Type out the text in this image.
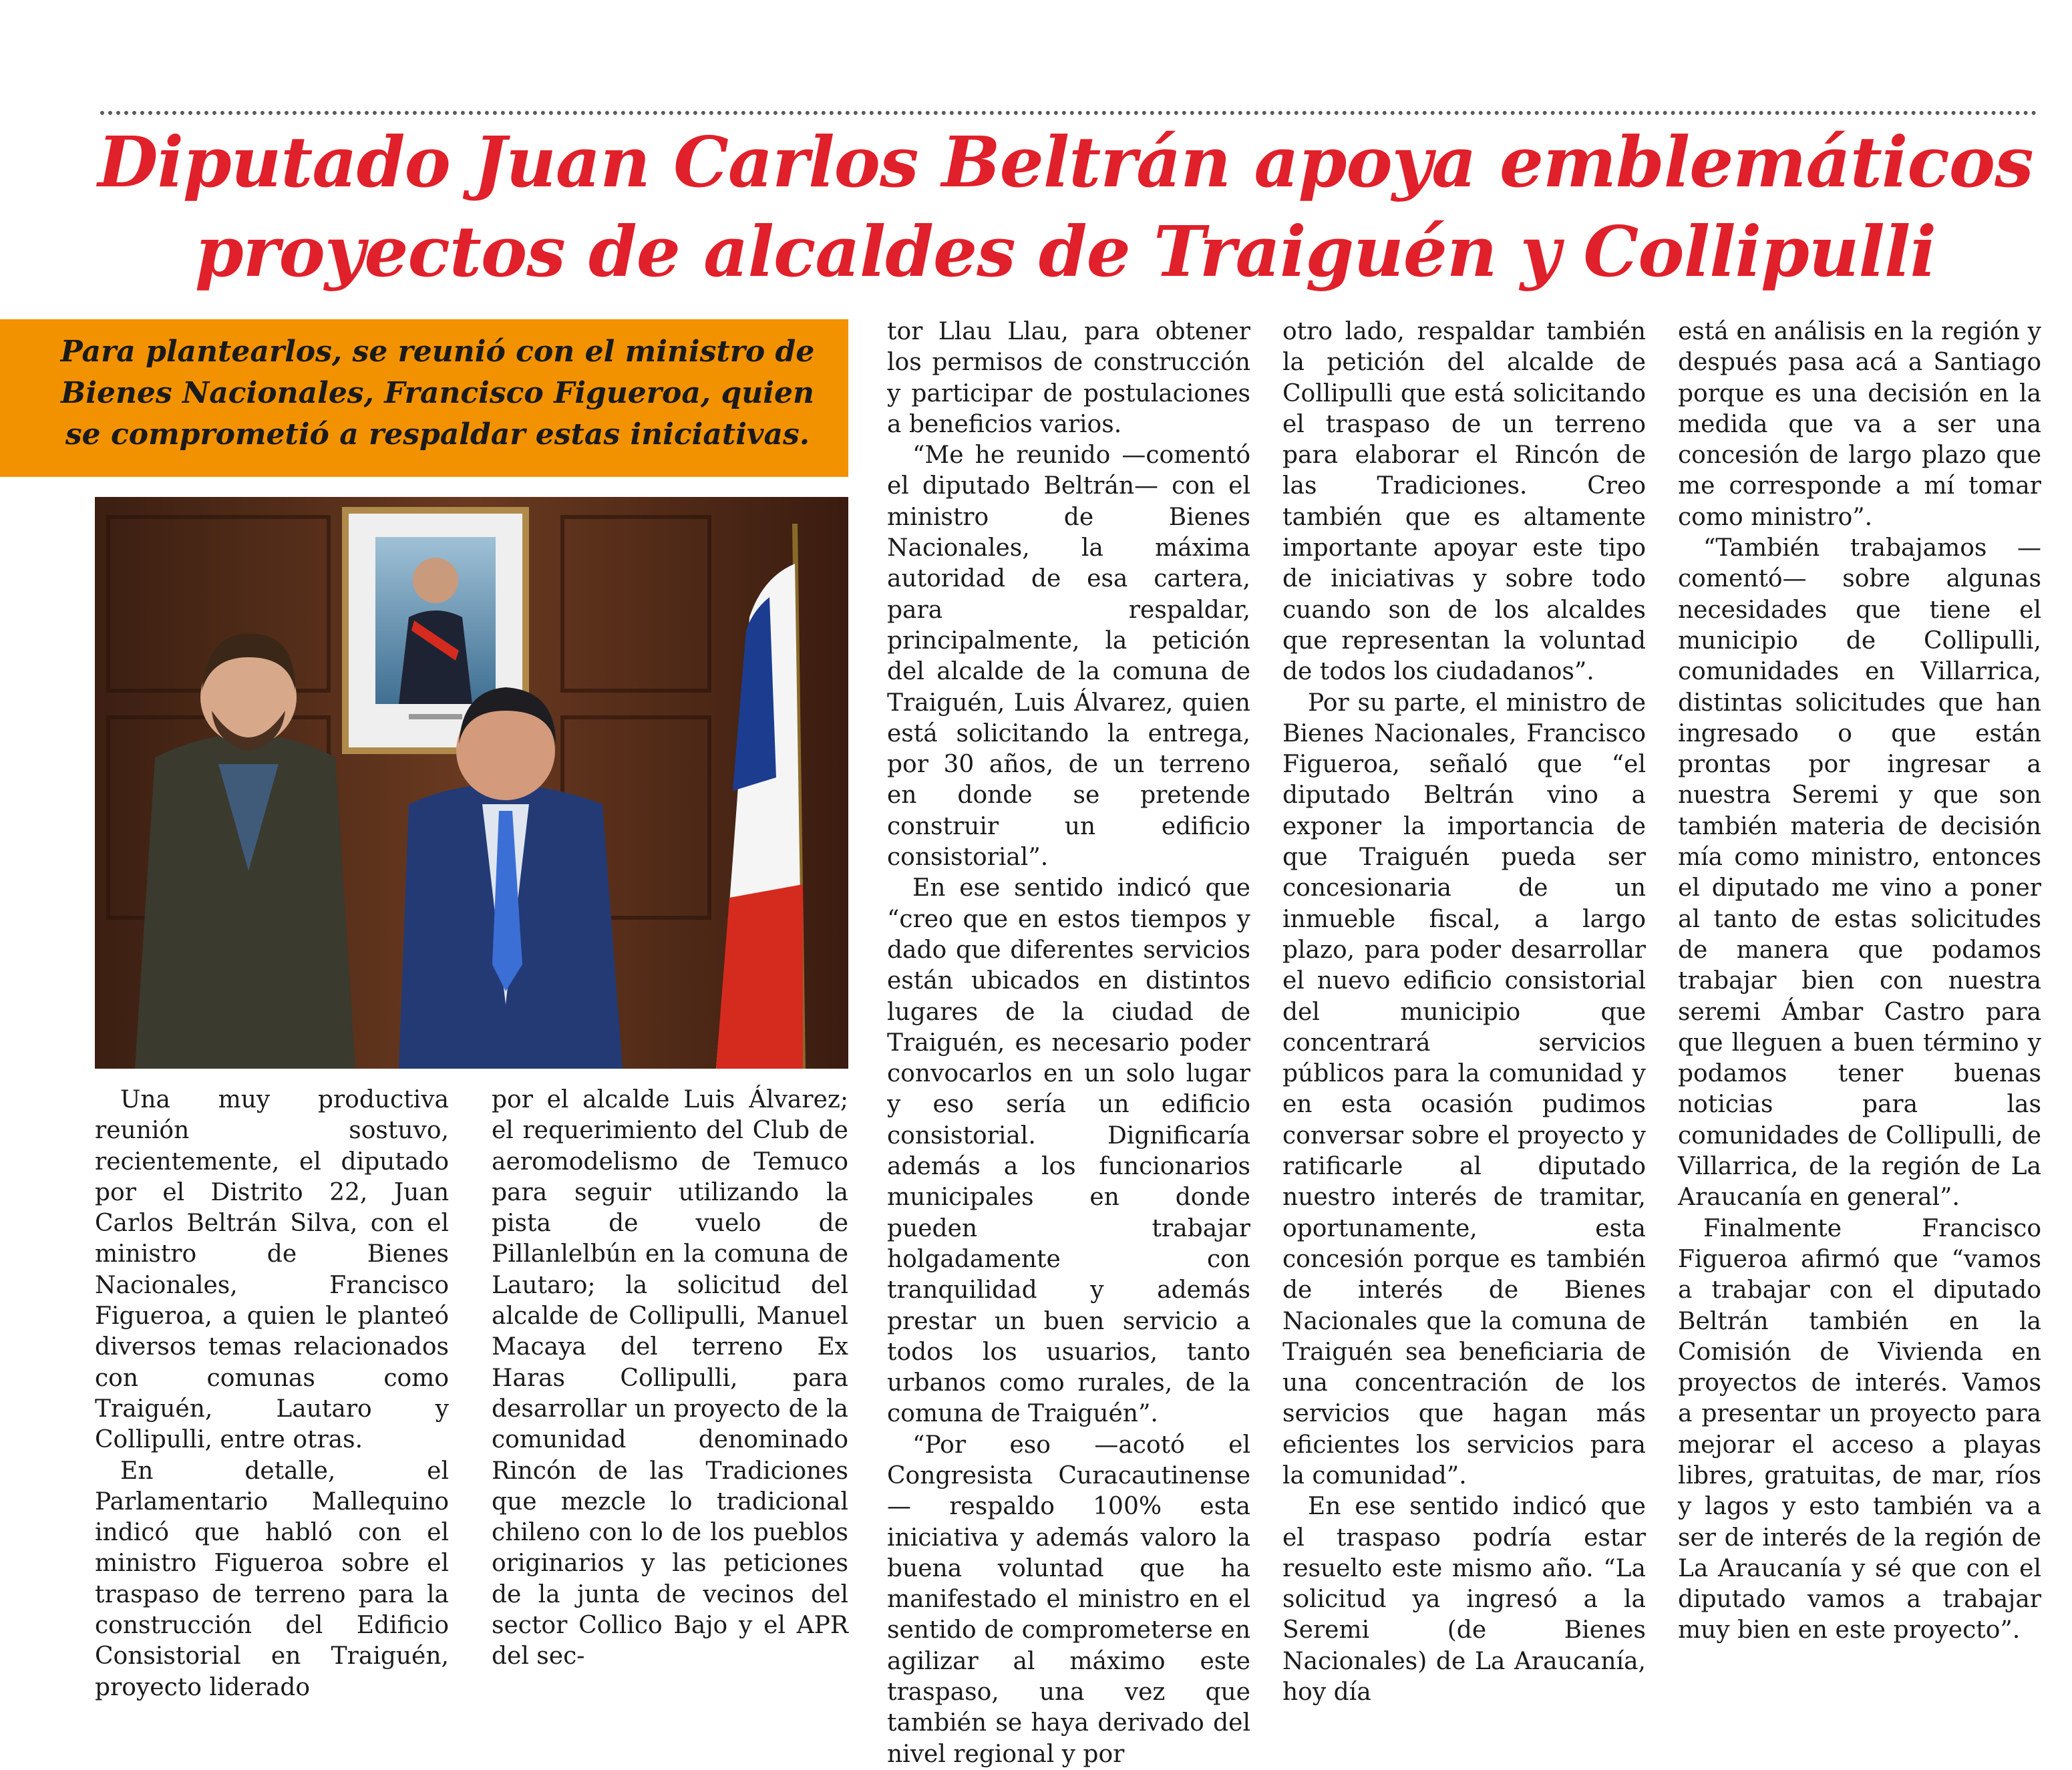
Diputado Juan Carlos Beltrán apoya emblemáticos
proyectos de alcaldes de Traiguén y Collipulli

Para plantearlos, se reunió con el ministro de Bienes Nacionales, Francisco Figueroa, quien se comprometió a respaldar estas iniciativas.

Una muy productiva reunión sostuvo, recientemente, el diputado por el Distrito 22, Juan Carlos Beltrán Silva, con el ministro de Bienes Nacionales, Francisco Figueroa, a quien le planteó diversos temas relacionados con comunas como Traiguén, Lautaro y Collipulli, entre otras.

En detalle, el Parlamentario Mallequino indicó que habló con el ministro Figueroa sobre el traspaso de terreno para la construcción del Edificio Consistorial en Traiguén, proyecto liderado

por el alcalde Luis Álvarez; el requerimiento del Club de aeromodelismo de Temuco para seguir utilizando la pista de vuelo de Pillanlelbún en la comuna de Lautaro; la solicitud del alcalde de Collipulli, Manuel Macaya del terreno Ex Haras Collipulli, para desarrollar un proyecto de la comunidad denominado Rincón de las Tradiciones que mezcle lo tradicional chileno con lo de los pueblos originarios y las peticiones de la junta de vecinos del sector Collico Bajo y el APR del sec-

tor Llau Llau, para obtener los permisos de construcción y participar de postulaciones a beneficios varios.

“Me he reunido —comentó el diputado Beltrán— con el ministro de Bienes Nacionales, la máxima autoridad de esa cartera, para respaldar, principalmente, la petición del alcalde de la comuna de Traiguén, Luis Álvarez, quien está solicitando la entrega, por 30 años, de un terreno en donde se pretende construir un edificio consistorial”.

En ese sentido indicó que “creo que en estos tiempos y dado que diferentes servicios están ubicados en distintos lugares de la ciudad de Traiguén, es necesario poder convocarlos en un solo lugar y eso sería un edificio consistorial. Dignificaría además a los funcionarios municipales en donde pueden trabajar holgadamente con tranquilidad y además prestar un buen servicio a todos los usuarios, tanto urbanos como rurales, de la comuna de Traiguén”.

“Por eso —acotó el Congresista Curacautinense— respaldo 100% esta iniciativa y además valoro la buena voluntad que ha manifestado el ministro en el sentido de comprometerse en agilizar al máximo este traspaso, una vez que también se haya derivado del nivel regional y por

otro lado, respaldar también la petición del alcalde de Collipulli que está solicitando el traspaso de un terreno para elaborar el Rincón de las Tradiciones. Creo también que es altamente importante apoyar este tipo de iniciativas y sobre todo cuando son de los alcaldes que representan la voluntad de todos los ciudadanos”.

Por su parte, el ministro de Bienes Nacionales, Francisco Figueroa, señaló que “el diputado Beltrán vino a exponer la importancia de que Traiguén pueda ser concesionaria de un inmueble fiscal, a largo plazo, para poder desarrollar el nuevo edificio consistorial del municipio que concentrará servicios públicos para la comunidad y en esta ocasión pudimos conversar sobre el proyecto y ratificarle al diputado nuestro interés de tramitar, oportunamente, esta concesión porque es también de interés de Bienes Nacionales que la comuna de Traiguén sea beneficiaria de una concentración de los servicios que hagan más eficientes los servicios para la comunidad”.

En ese sentido indicó que el traspaso podría estar resuelto este mismo año. “La solicitud ya ingresó a la Seremi (de Bienes Nacionales) de La Araucanía, hoy día

está en análisis en la región y después pasa acá a Santiago porque es una decisión en la medida que va a ser una concesión de largo plazo que me corresponde a mí tomar como ministro”.

“También trabajamos —comentó— sobre algunas necesidades que tiene el municipio de Collipulli, comunidades en Villarrica, distintas solicitudes que han ingresado o que están prontas por ingresar a nuestra Seremi y que son también materia de decisión mía como ministro, entonces el diputado me vino a poner al tanto de estas solicitudes de manera que podamos trabajar bien con nuestra seremi Ámbar Castro para que lleguen a buen término y podamos tener buenas noticias para las comunidades de Collipulli, de Villarrica, de la región de La Araucanía en general”.

Finalmente Francisco Figueroa afirmó que “vamos a trabajar con el diputado Beltrán también en la Comisión de Vivienda en proyectos de interés. Vamos a presentar un proyecto para mejorar el acceso a playas libres, gratuitas, de mar, ríos y lagos y esto también va a ser de interés de la región de La Araucanía y sé que con el diputado vamos a trabajar muy bien en este proyecto”.
